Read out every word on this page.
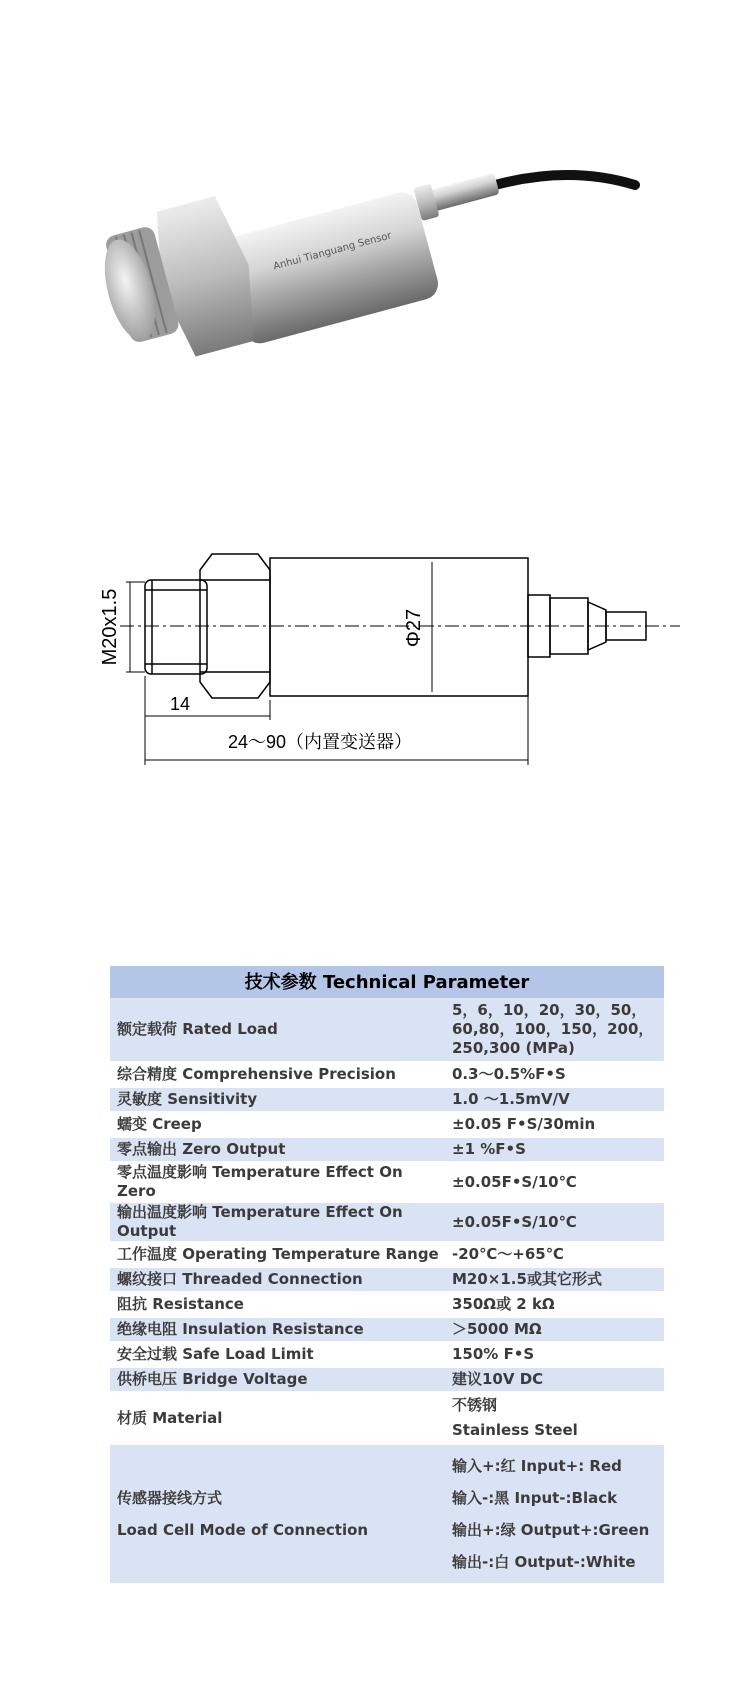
Anhui Tianguang Sensor
M20x1.5	Φ27
14
24～90（内置变送器）
技术参数 Technical Parameter	
额定载荷 Rated Load	5，6，10，20，30，50，
60,80，100，150，200，
250,300 (MPa)

综合精度 Comprehensive Precision	0.3～0.5%F•S
灵敏度 Sensitivity	1.0 ～1.5mV/V
蠕变 Creep	±0.05 F•S/30min
零点输出 Zero Output	±1 %F•S
零点温度影响 Temperature Effect On Zero	±0.05F•S/10℃
输出温度影响 Temperature Effect On Output	±0.05F•S/10℃
工作温度 Operating Temperature Range	-20℃～+65℃
螺纹接口 Threaded Connection	M20×1.5或其它形式
阻抗 Resistance	350Ω或 2 kΩ
绝缘电阻 Insulation Resistance	＞5000 MΩ
安全过载 Safe Load Limit	150% F•S
供桥电压 Bridge Voltage	建议10V DC
材质 Material	不锈钢
Stainless Steel

传感器接线方式
Load Cell Mode of Connection	输入+:红 Input+: Red
输入-:黑 Input-:Black
输出+:绿 Output+:Green
输出-:白 Output-:White
